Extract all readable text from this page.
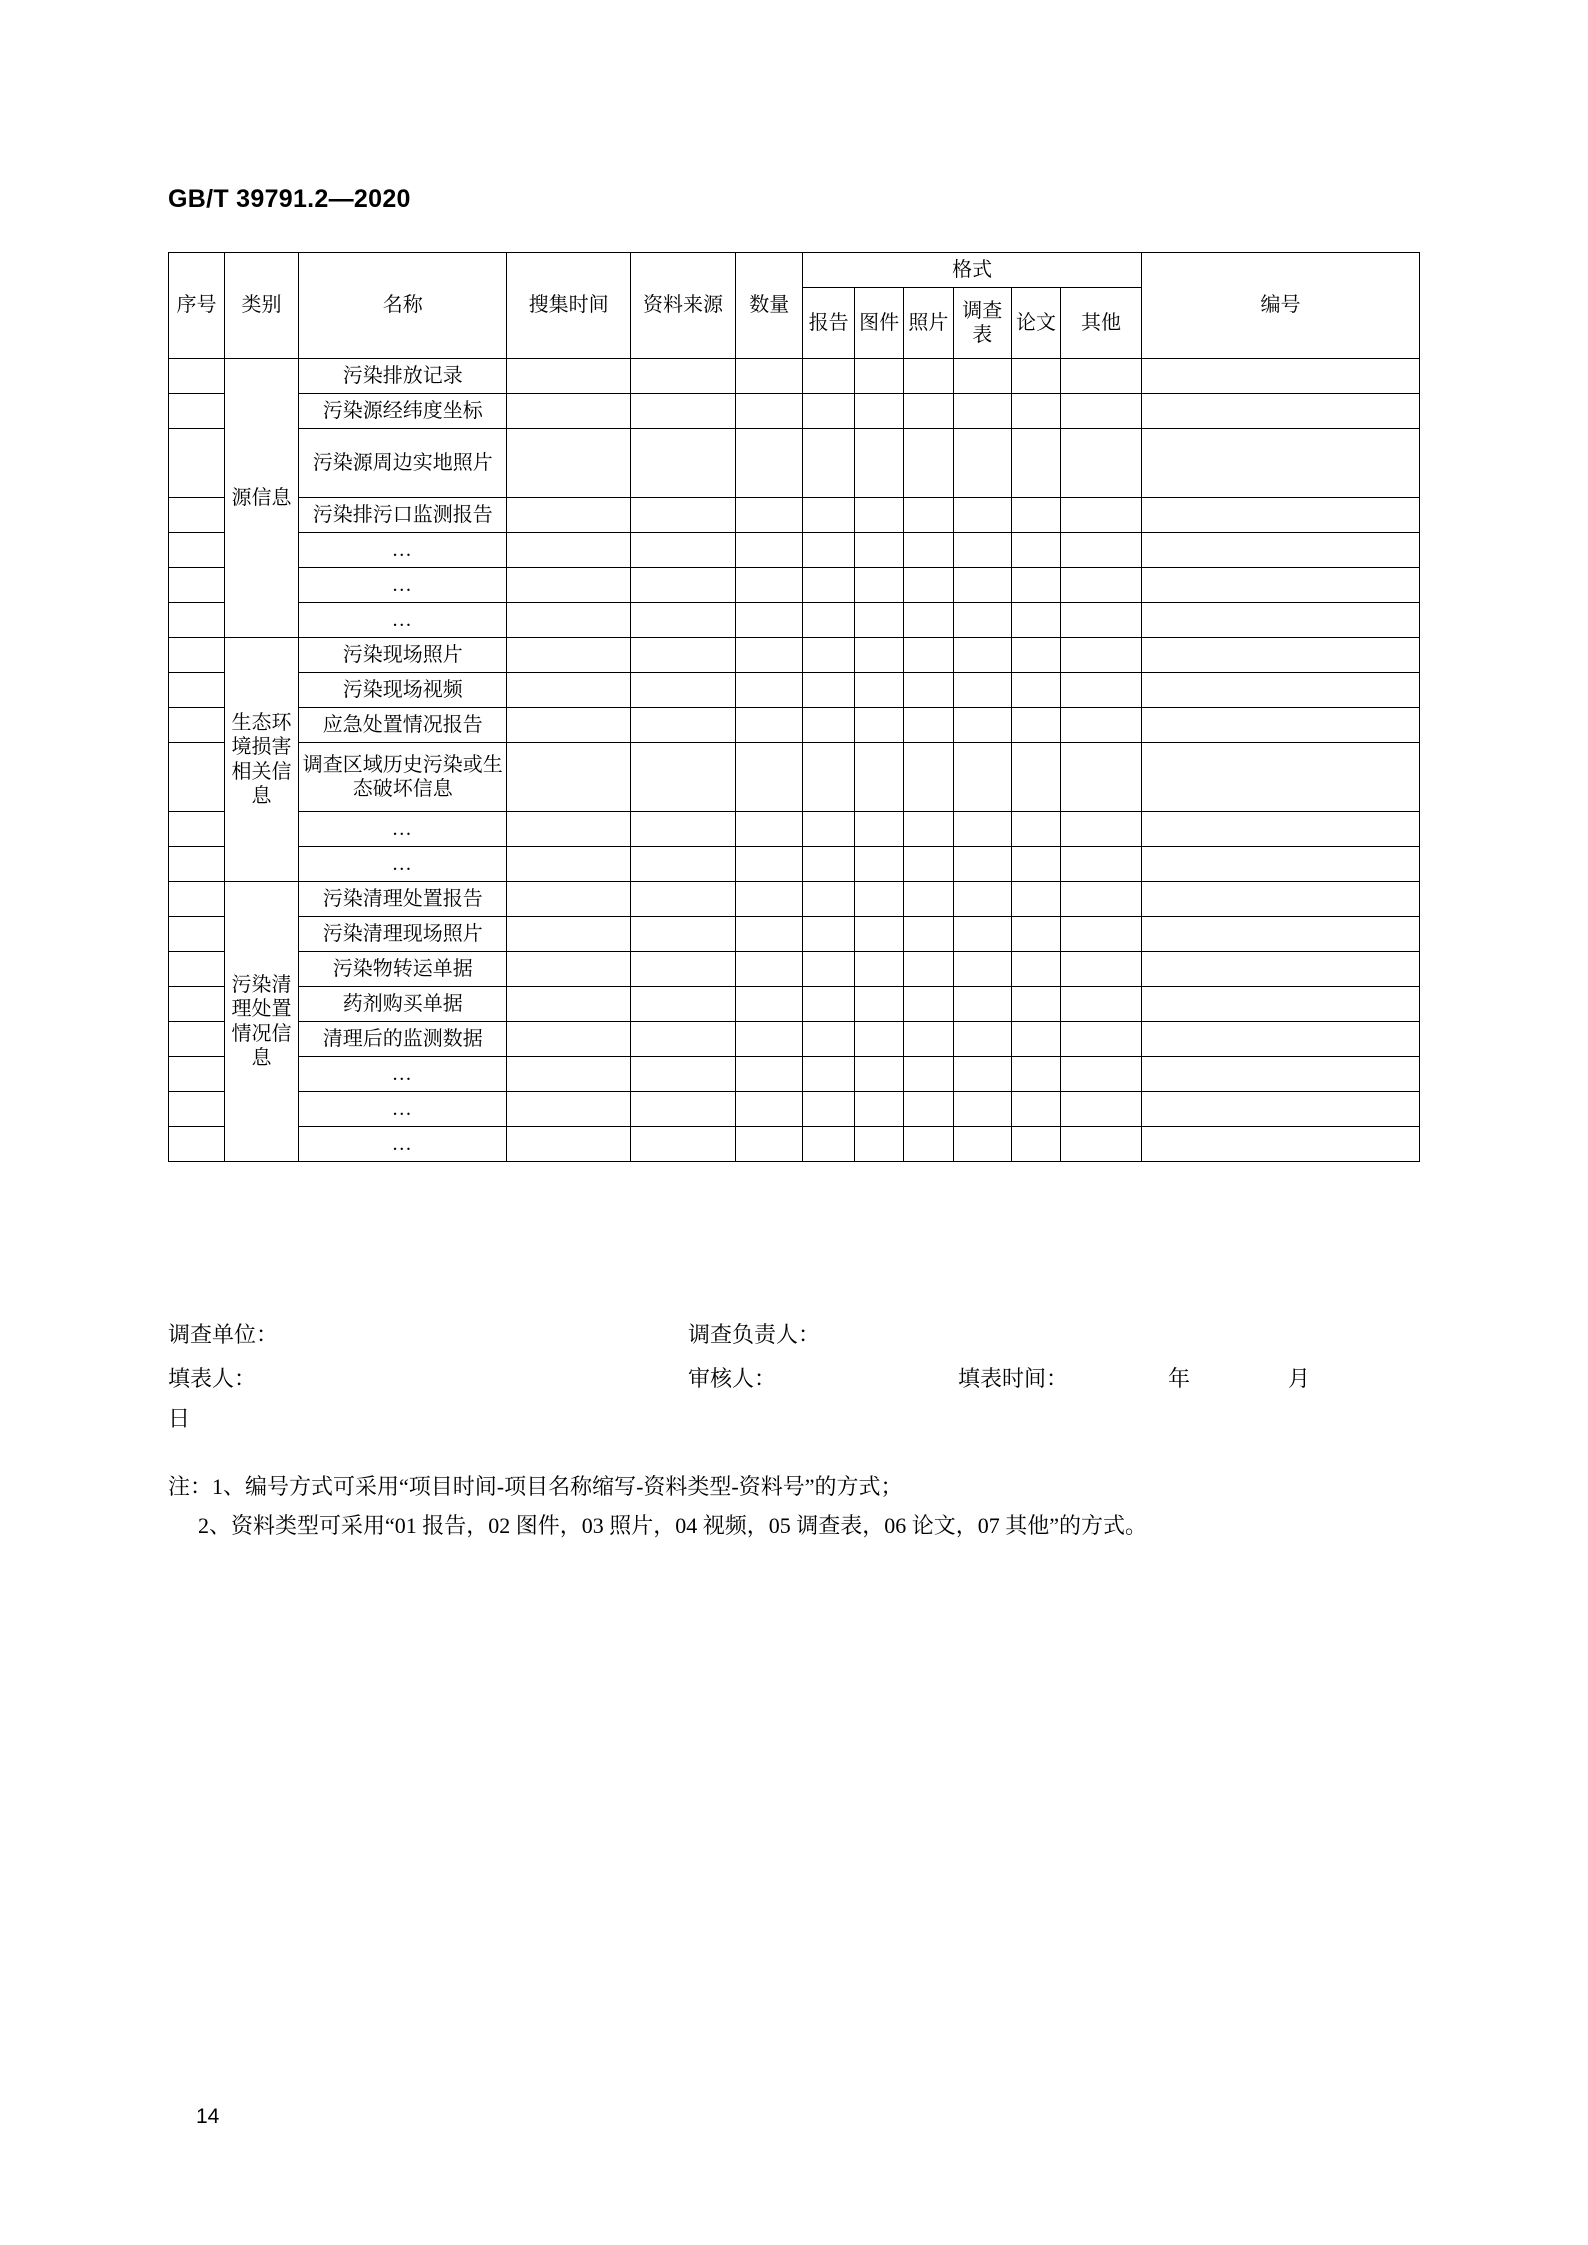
GB/T 39791.2—2020
序号	类别	名称	搜集时间	资料来源	数量	格式						编号
						报告	图件	照片	调查表	论文	其他	
	源信息	污染排放记录										
		污染源经纬度坐标										
		污染源周边实地照片										
		污染排污口监测报告										
		…										
		…										
		…										
	生态环境损害相关信息	污染现场照片										
		污染现场视频										
		应急处置情况报告										
		调查区域历史污染或生态破坏信息										
		…										
		…										
	污染清理处置情况信息	污染清理处置报告										
		污染清理现场照片										
		污染物转运单据										
		药剂购买单据										
		清理后的监测数据										
		…										
		…										
		…										
调查单位：	调查负责人：
填表人：	审核人：	填表时间：	年	月
日
注：1、编号方式可采用“项目时间-项目名称缩写-资料类型-资料号”的方式；
2、资料类型可采用“01 报告，02 图件，03 照片，04 视频，05 调查表，06 论文，07 其他”的方式。
14
